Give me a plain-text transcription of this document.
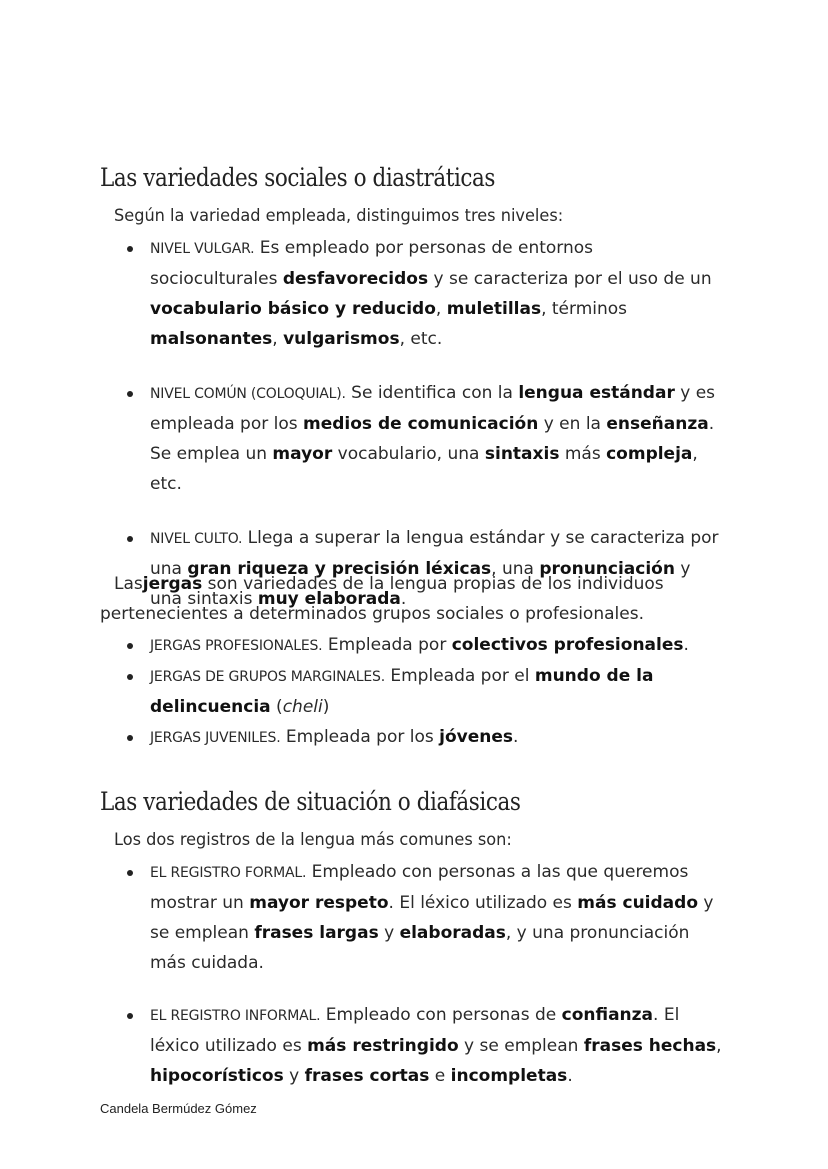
Las variedades sociales o diastráticas
Según la variedad empleada, distinguimos tres niveles:
NIVEL VULGAR. Es empleado por personas de entornos socioculturales desfavorecidos y se caracteriza por el uso de un vocabulario básico y reducido, muletillas, términos malsonantes, vulgarismos, etc.
NIVEL COMÚN (COLOQUIAL). Se identifica con la lengua estándar y es empleada por los medios de comunicación y en la enseñanza. Se emplea un mayor vocabulario, una sintaxis más compleja, etc.
NIVEL CULTO. Llega a superar la lengua estándar y se caracteriza por una gran riqueza y precisión léxicas, una pronunciación y una sintaxis muy elaborada.
Lasjergas son variedades de la lengua propias de los individuos pertenecientes a determinados grupos sociales o profesionales.
JERGAS PROFESIONALES. Empleada por colectivos profesionales.
JERGAS DE GRUPOS MARGINALES. Empleada por el mundo de la delincuencia (cheli)
JERGAS JUVENILES. Empleada por los jóvenes.
Las variedades de situación o diafásicas
Los dos registros de la lengua más comunes son:
EL REGISTRO FORMAL. Empleado con personas a las que queremos mostrar un mayor respeto. El léxico utilizado es más cuidado y se emplean frases largas y elaboradas, y una pronunciación más cuidada.
EL REGISTRO INFORMAL. Empleado con personas de confianza. El léxico utilizado es más restringido y se emplean frases hechas, hipocorísticos y frases cortas e incompletas.
Candela Bermúdez Gómez
